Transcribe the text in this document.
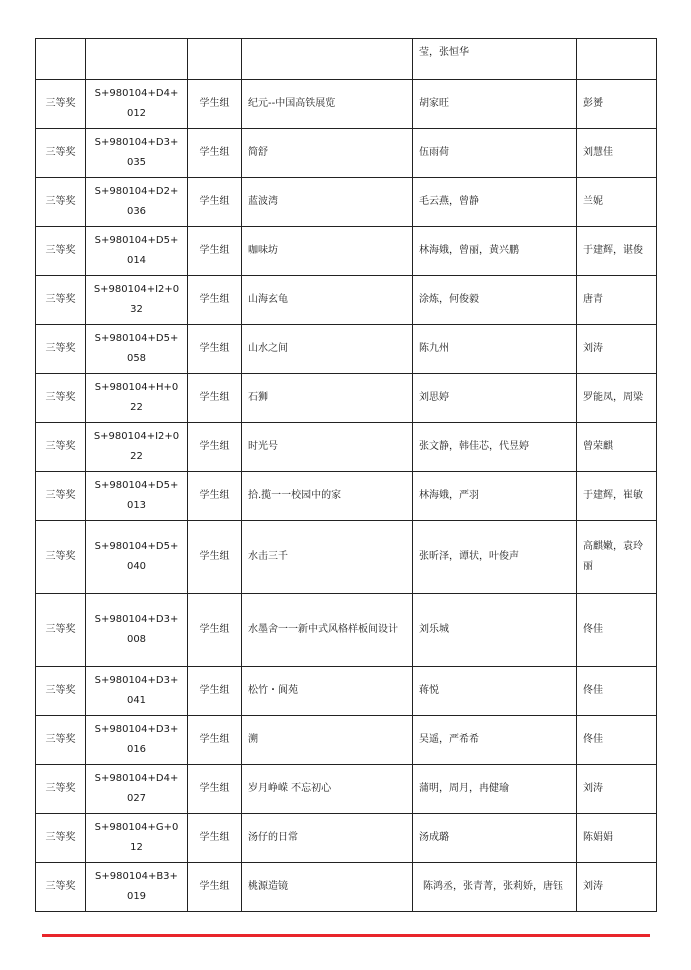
				莹，张恒华	
三等奖	S+980104+D4+012	学生组	纪元--中国高铁展览	胡家旺	彭赟
三等奖	S+980104+D3+035	学生组	简舒	伍雨荷	刘慧佳
三等奖	S+980104+D2+036	学生组	蓝波湾	毛云燕，曾静	兰妮
三等奖	S+980104+D5+014	学生组	咖味坊	林海娥，曾丽，黄兴鹏	于建辉，谌俊
三等奖	S+980104+I2+032	学生组	山海玄龟	涂炼，何俊毅	唐青
三等奖	S+980104+D5+058	学生组	山水之间	陈九州	刘涛
三等奖	S+980104+H+022	学生组	石狮	刘思婷	罗能凤，周梁
三等奖	S+980104+I2+022	学生组	时光号	张文静，韩佳芯，代昱婷	曾荣麒
三等奖	S+980104+D5+013	学生组	拾.揽一一校园中的家	林海娥，严羽	于建辉，崔敏
三等奖	S+980104+D5+040	学生组	水击三千	张昕泽，谭状，叶俊声	高麒嫩，袁玲丽
三等奖	S+980104+D3+008	学生组	水墨舍一一新中式风格样板间设计	刘乐城	佟佳
三等奖	S+980104+D3+041	学生组	松竹・阆苑	蒋悦	佟佳
三等奖	S+980104+D3+016	学生组	溯	吴遥，严希希	佟佳
三等奖	S+980104+D4+027	学生组	岁月峥嵘 不忘初心	蒲明，周月，冉健瑜	刘涛
三等奖	S+980104+G+012	学生组	汤仔的日常	汤成璐	陈娟娟
三等奖	S+980104+B3+019	学生组	桃源造镜	陈鸿丞，张青菁，张莉娇，唐钰	刘涛
